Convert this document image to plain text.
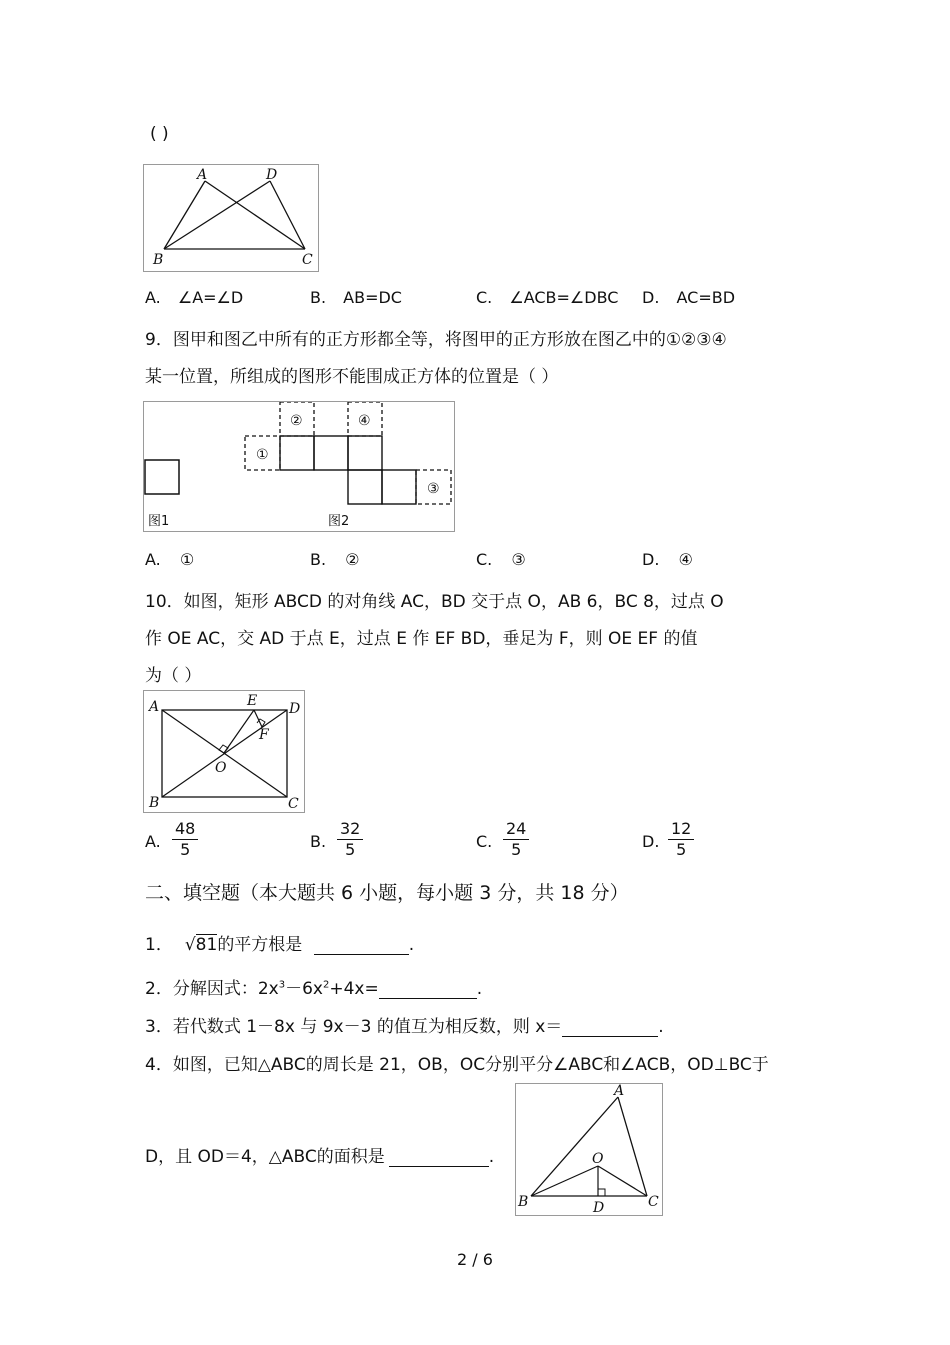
( )
A	D
B	C
A. ∠A=∠D	B. AB=DC	C. ∠ACB=∠DBC D. AC=BD
9．图甲和图乙中所有的正方形都全等，将图甲的正方形放在图乙中的①②③④
某一位置，所组成的图形不能围成正方体的位置是（ ）
①
②	④
③
图1	图2
A. ①	B. ②	C. ③	D. ④
10．如图，矩形 ABCD 的对角线 AC，BD 交于点 O，AB 6，BC 8，过点 O
作 OE AC，交 AD 于点 E，过点 E 作 EF BD，垂足为 F，则 OE EF 的值
为（ ）
A
B	C
D
E
F
O
A. $\frac{48}{5}$	B. $\frac{32}{5}$	C. $\frac{24}{5}$	D. $\frac{12}{5}$
二、填空题（本大题共 6 小题，每小题 3 分，共 18 分）
1． √81的平方根是	.
2．分解因式：$2x^3-6x^2+4x=$	.
3．若代数式 1－8x 与 9x－3 的值互为相反数，则 x＝	.
4．如图，已知△ABC的周长是 21，OB，OC分别平分∠ABC和∠ACB，OD⊥BC于
D，且 OD＝4，△ABC的面积是	.
A
B	C
D
O
2 / 6
